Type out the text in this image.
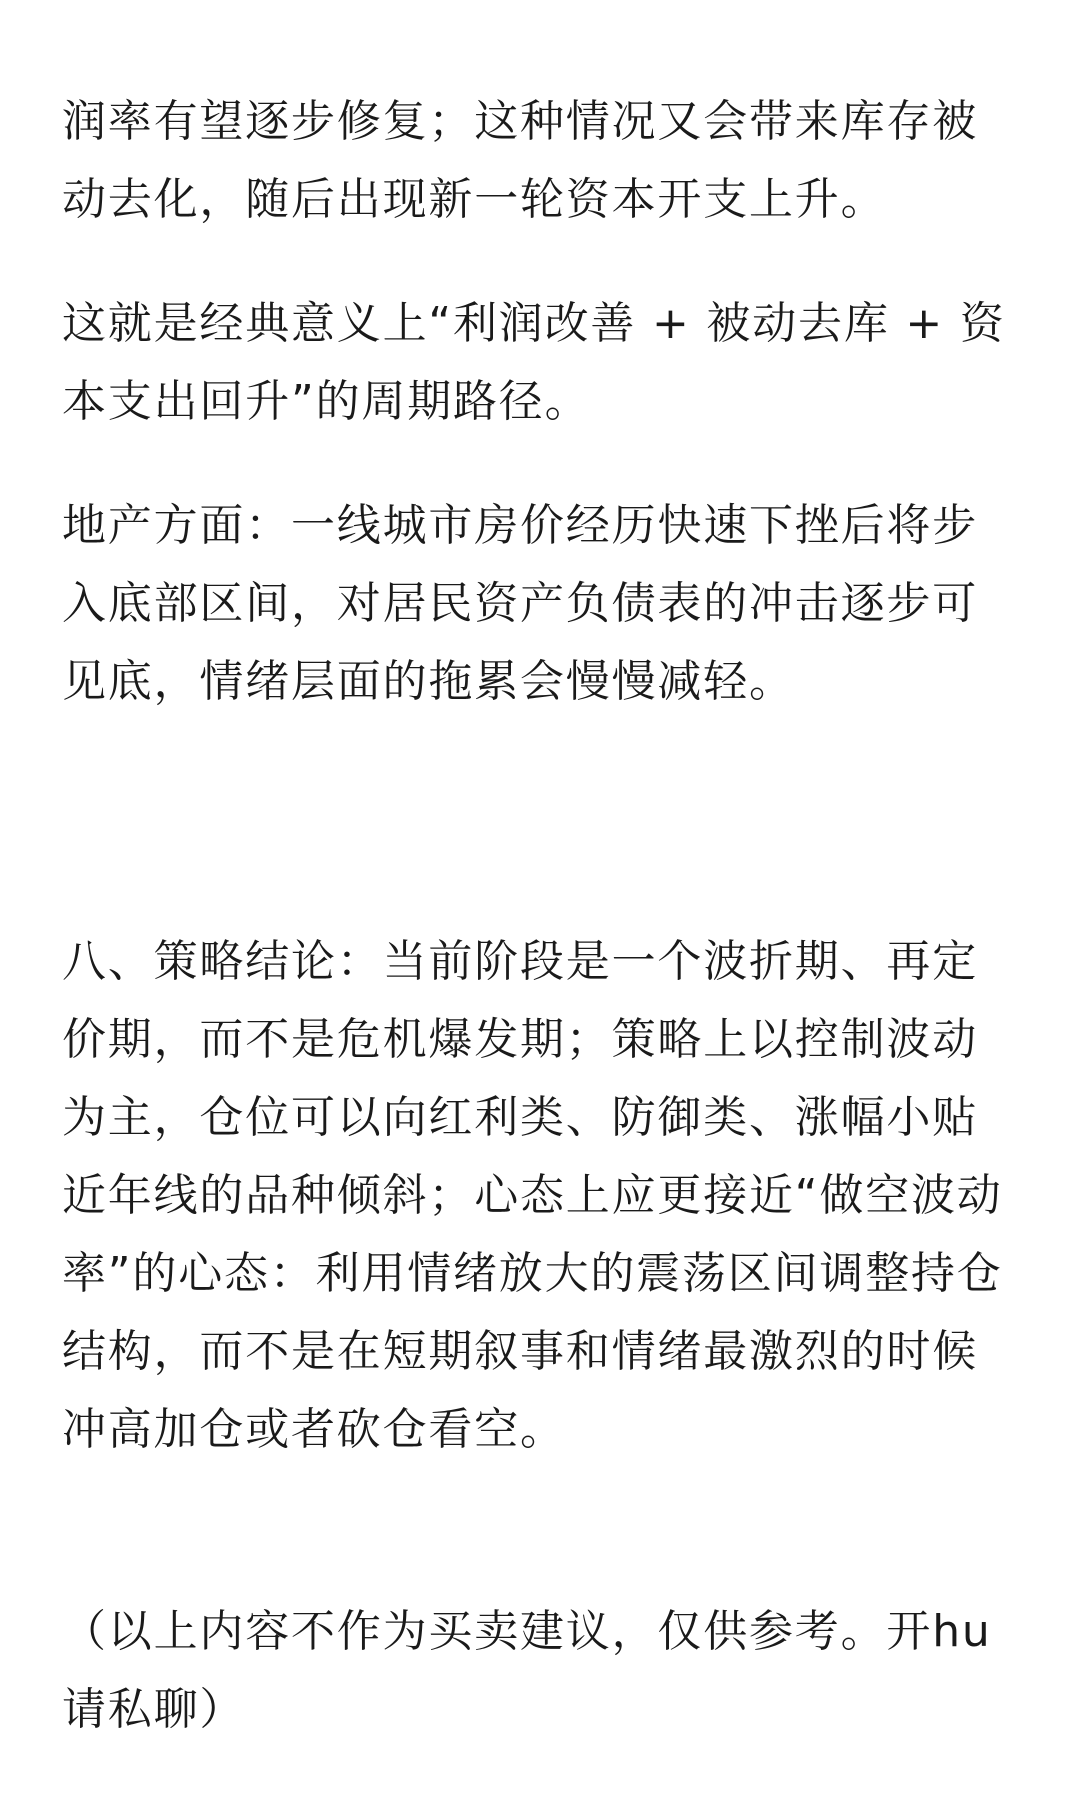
润率有望逐步修复；这种情况又会带来库存被动去化，随后出现新一轮资本开支上升。

这就是经典意义上“利润改善 + 被动去库 + 资本支出回升”的周期路径。

地产方面：一线城市房价经历快速下挫后将步入底部区间，对居民资产负债表的冲击逐步可见底，情绪层面的拖累会慢慢减轻。

八、策略结论：当前阶段是一个波折期、再定价期，而不是危机爆发期；策略上以控制波动为主，仓位可以向红利类、防御类、涨幅小贴近年线的品种倾斜；心态上应更接近“做空波动率”的心态：利用情绪放大的震荡区间调整持仓结构，而不是在短期叙事和情绪最激烈的时候冲高加仓或者砍仓看空。

（以上内容不作为买卖建议，仅供参考。开hu请私聊）
